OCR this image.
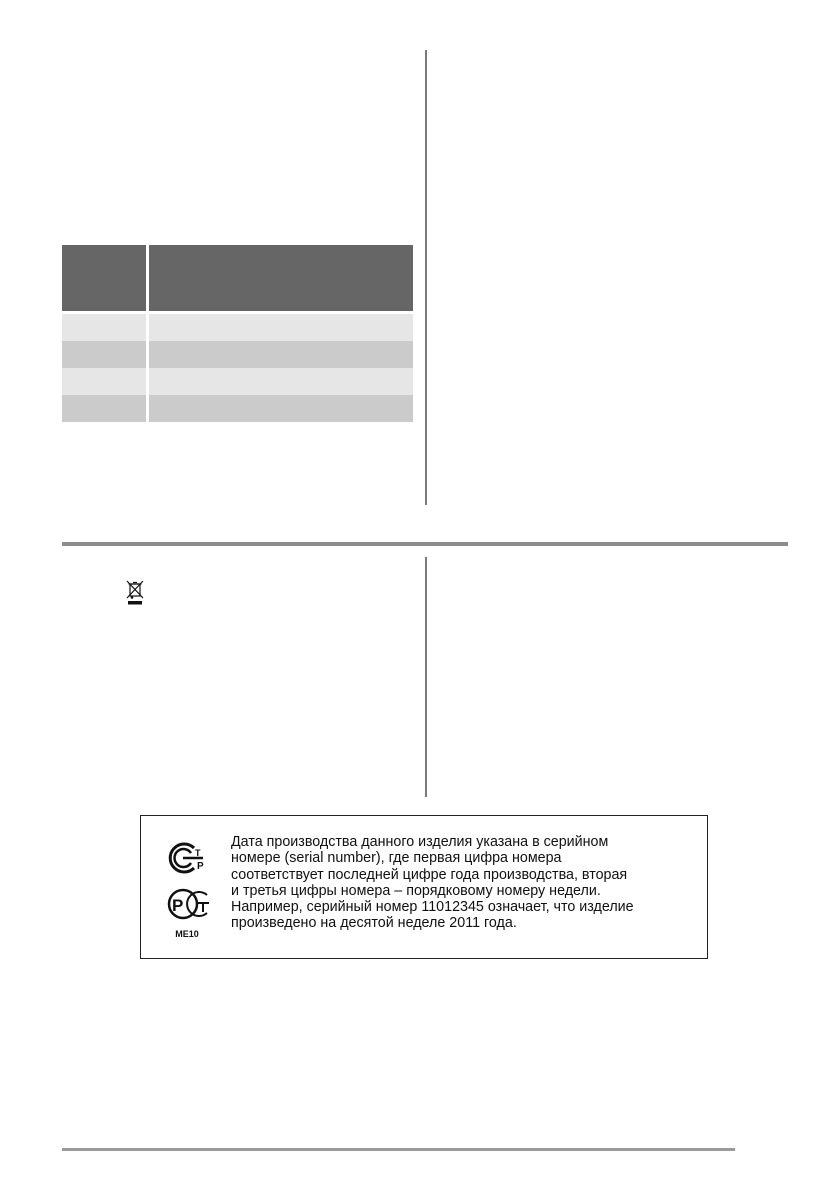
Т
Р
Р
ME10
Дата производства данного изделия указана в серийном
номере (serial number), где первая цифра номера
соответствует последней цифре года производства, вторая
и третья цифры номера – порядковому номеру недели.
Например, серийный номер 11012345 означает, что изделие
произведено на десятой неделе 2011 года.
